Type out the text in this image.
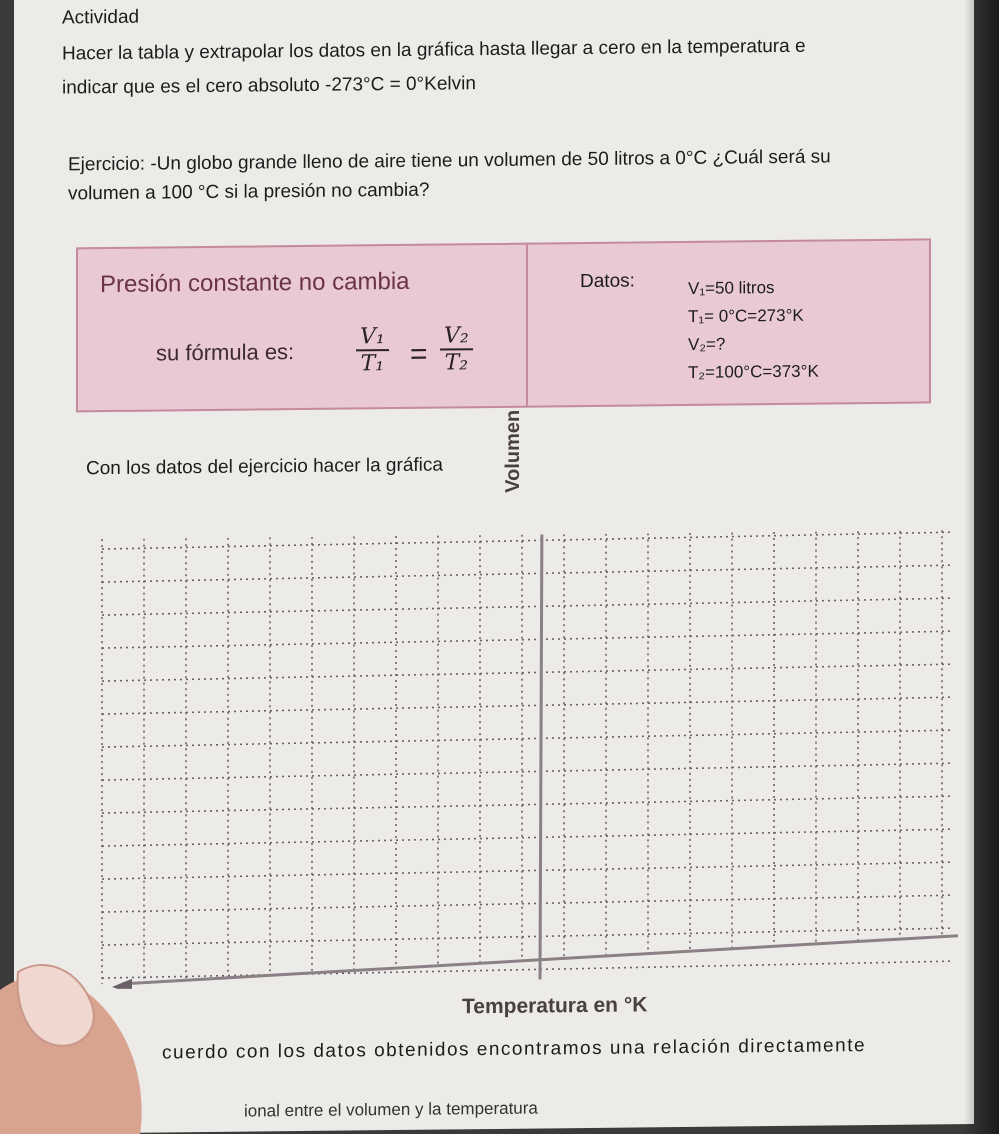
Actividad
Hacer la tabla y extrapolar los datos en la gráfica hasta llegar a cero en la temperatura e
indicar que es el cero absoluto -273°C = 0°Kelvin
Ejercicio: -Un globo grande lleno de aire tiene un volumen de 50 litros a 0°C ¿Cuál será su
volumen a 100 °C si la presión no cambia?
Presión constante no cambia
su fórmula es:	$\frac{\text{V₁}}{\text{T₁}} = \frac{\text{V₂}}{\text{T₂}}$
Datos:	V₁=50 litros
T₁= 0°C=273°K
V₂=?
T₂=100°C=373°K
Con los datos del ejercicio hacer la gráfica	Volumen
Temperatura en °K
cuerdo con los datos obtenidos encontramos una relación directamente
ional entre el volumen y la temperatura
